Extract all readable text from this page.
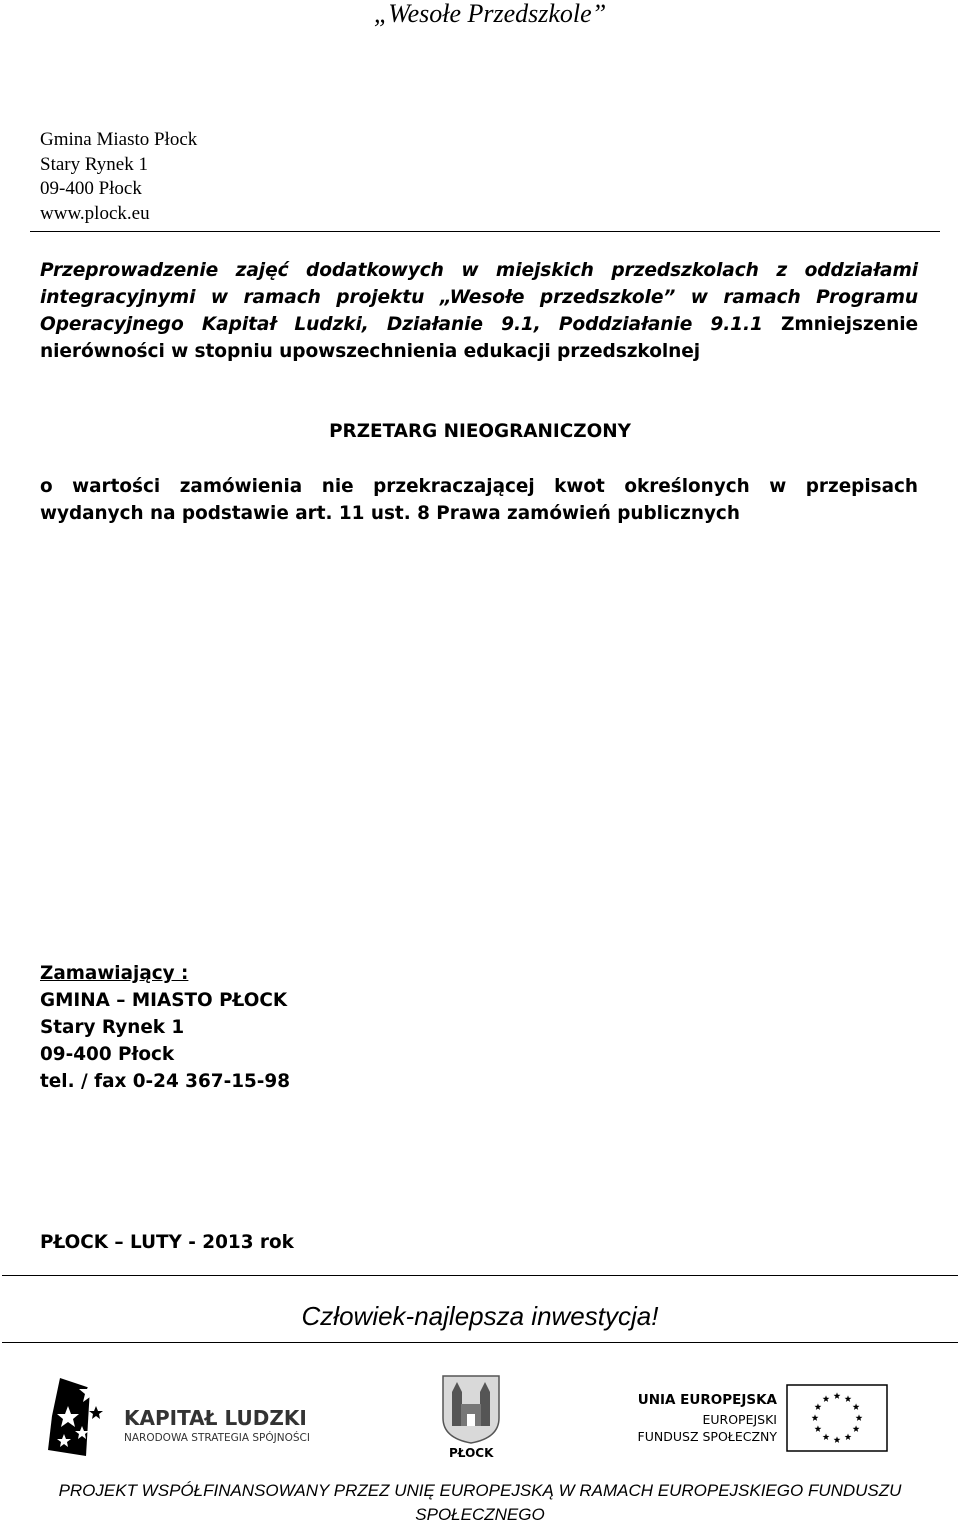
„Wesołe Przedszkole”
Gmina Miasto Płock
Stary Rynek 1
09-400 Płock
www.plock.eu
Przeprowadzenie zajęć dodatkowych w miejskich przedszkolach z oddziałami integracyjnymi w ramach projektu „Wesołe przedszkole” w ramach Programu Operacyjnego Kapitał Ludzki, Działanie 9.1, Poddziałanie 9.1.1 Zmniejszenie nierówności w stopniu upowszechnienia edukacji przedszkolnej
PRZETARG NIEOGRANICZONY
o wartości zamówienia nie przekraczającej kwot określonych w przepisach wydanych na podstawie art. 11 ust. 8 Prawa zamówień publicznych
Zamawiający :
GMINA – MIASTO PŁOCK
Stary Rynek 1
09-400 Płock
tel. / fax 0-24 367-15-98
PŁOCK – LUTY - 2013 rok
Człowiek-najlepsza inwestycja!
KAPITAŁ LUDZKI
NARODOWA STRATEGIA SPÓJNOŚCI
PŁOCK
UNIA EUROPEJSKA
EUROPEJSKI
FUNDUSZ SPOŁECZNY
PROJEKT WSPÓŁFINANSOWANY PRZEZ UNIĘ EUROPEJSKĄ W RAMACH EUROPEJSKIEGO FUNDUSZU SPOŁECZNEGO
